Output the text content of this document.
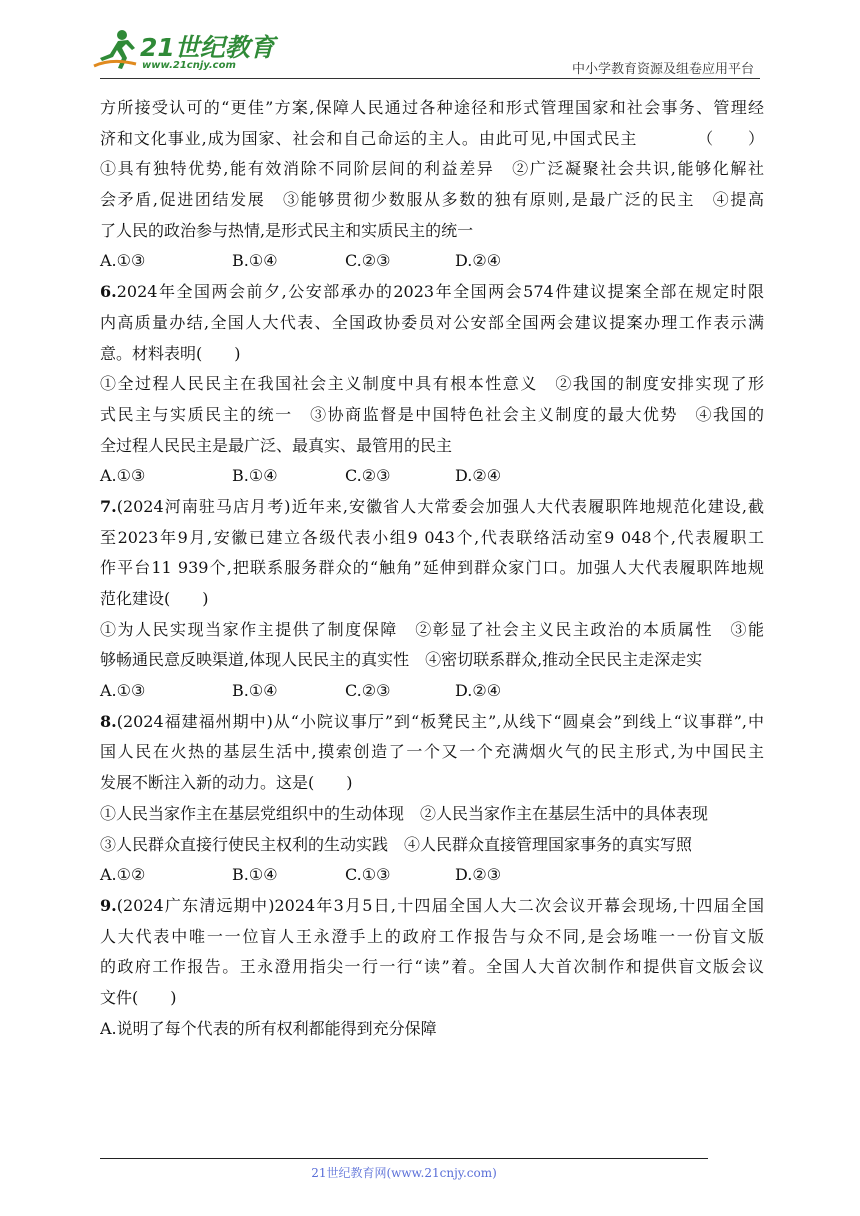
21世纪教育
www.21cnjy.com	中小学教育资源及组卷应用平台
方所接受认可的“更佳”方案,保障人民通过各种途径和形式管理国家和社会事务、管理经
济和文化事业,成为国家、社会和自己命运的主人。由此可见,中国式民主　　　　（　　）
①具有独特优势,能有效消除不同阶层间的利益差异　②广泛凝聚社会共识,能够化解社
会矛盾,促进团结发展　③能够贯彻少数服从多数的独有原则,是最广泛的民主　④提高
了人民的政治参与热情,是形式民主和实质民主的统一
A.①③	B.①④	C.②③	D.②④
6.2024年全国两会前夕,公安部承办的2023年全国两会574件建议提案全部在规定时限
内高质量办结,全国人大代表、全国政协委员对公安部全国两会建议提案办理工作表示满
意。材料表明(　　)
①全过程人民民主在我国社会主义制度中具有根本性意义　②我国的制度安排实现了形
式民主与实质民主的统一　③协商监督是中国特色社会主义制度的最大优势　④我国的
全过程人民民主是最广泛、最真实、最管用的民主
A.①③	B.①④	C.②③	D.②④
7.(2024河南驻马店月考)近年来,安徽省人大常委会加强人大代表履职阵地规范化建设,截
至2023年9月,安徽已建立各级代表小组9 043个,代表联络活动室9 048个,代表履职工
作平台11 939个,把联系服务群众的“触角”延伸到群众家门口。加强人大代表履职阵地规
范化建设(　　)
①为人民实现当家作主提供了制度保障　②彰显了社会主义民主政治的本质属性　③能
够畅通民意反映渠道,体现人民民主的真实性　④密切联系群众,推动全民民主走深走实
A.①③	B.①④	C.②③	D.②④
8.(2024福建福州期中)从“小院议事厅”到“板凳民主”,从线下“圆桌会”到线上“议事群”,中
国人民在火热的基层生活中,摸索创造了一个又一个充满烟火气的民主形式,为中国民主
发展不断注入新的动力。这是(　　)
①人民当家作主在基层党组织中的生动体现　②人民当家作主在基层生活中的具体表现
③人民群众直接行使民主权利的生动实践　④人民群众直接管理国家事务的真实写照
A.①②	B.①④	C.①③	D.②③
9.(2024广东清远期中)2024年3月5日,十四届全国人大二次会议开幕会现场,十四届全国
人大代表中唯一一位盲人王永澄手上的政府工作报告与众不同,是会场唯一一份盲文版
的政府工作报告。王永澄用指尖一行一行“读”着。全国人大首次制作和提供盲文版会议
文件(　　)
A.说明了每个代表的所有权利都能得到充分保障
21世纪教育网(www.21cnjy.com)
